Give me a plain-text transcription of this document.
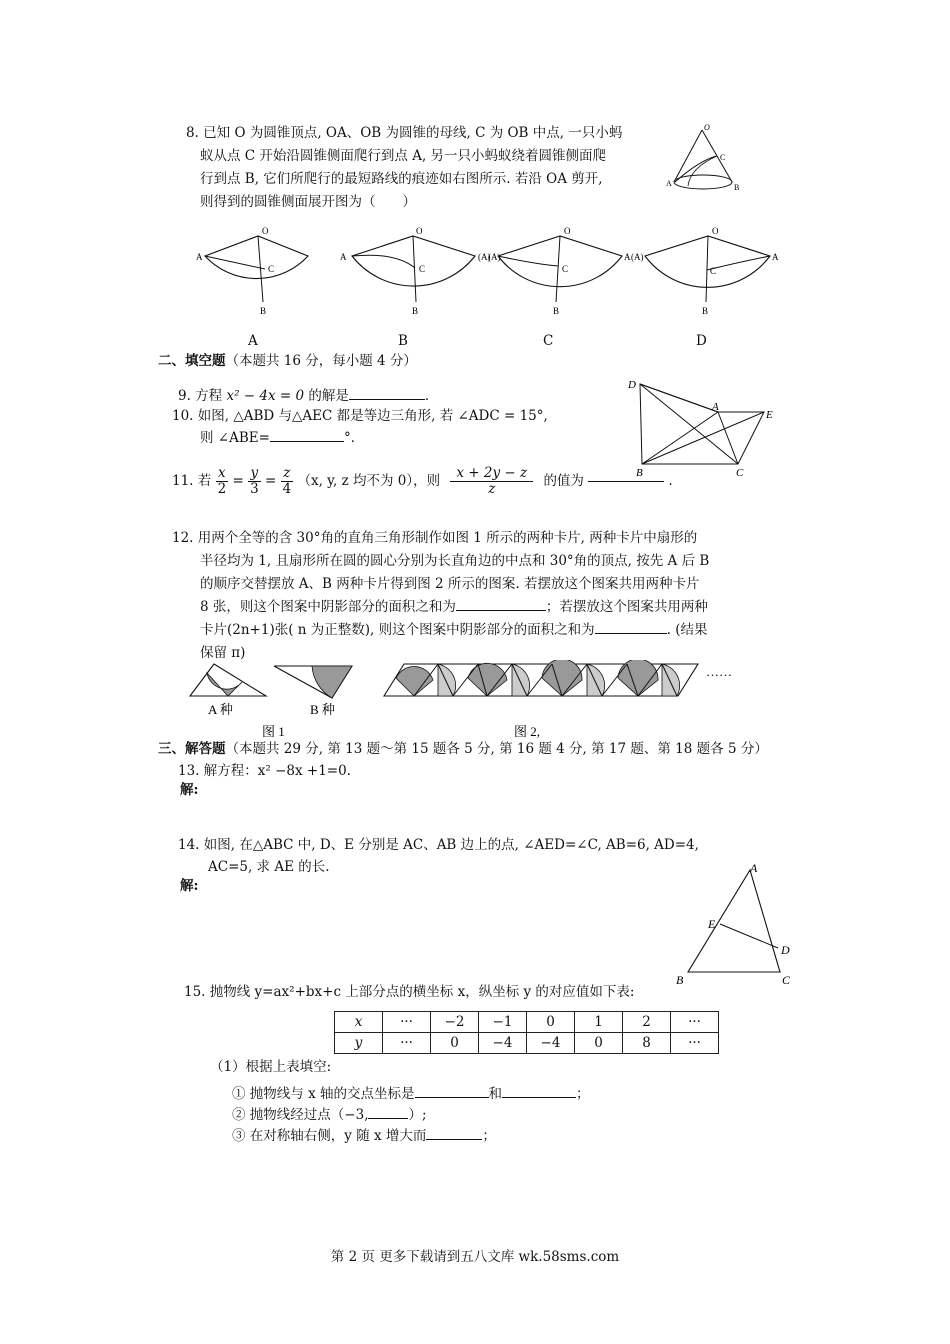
8. 已知 O 为圆锥顶点, OA、OB 为圆锥的母线, C 为 OB 中点, 一只小蚂
蚁从点 C 开始沿圆锥侧面爬行到点 A, 另一只小蚂蚁绕着圆锥侧面爬
行到点 B, 它们所爬行的最短路线的痕迹如右图所示. 若沿 OA 剪开,
则得到的圆锥侧面展开图为（　　）
O
A	B
C
A
O
C
B
A
O
C
(A)
B
(A)
O
C
A
B
(A)
O
C
A
B
A	B	C	D
二、填空题（本题共 16 分，每小题 4 分）
9. 方程 x² − 4x = 0 的解是	．
10. 如图, △ABD 与△AEC 都是等边三角形, 若 ∠ADC = 15°,
则 ∠ABE=	°．
D
A
E
B	C
11. 若 $\frac{x}{2} = \frac{y}{3} = \frac{z}{4} (x$, y, z 均不为 0），则 $\frac{x + 2y - z}{z}$ 的值为	．
12. 用两个全等的含 30°角的直角三角形制作如图 1 所示的两种卡片, 两种卡片中扇形的
半径均为 1, 且扇形所在圆的圆心分别为长直角边的中点和 30°角的顶点, 按先 A 后 B
的顺序交替摆放 A、B 两种卡片得到图 2 所示的图案. 若摆放这个图案共用两种卡片
8 张，则这个图案中阴影部分的面积之和为	；若摆放这个图案共用两种
卡片(2n+1)张( n 为正整数), 则这个图案中阴影部分的面积之和为	. (结果
保留 π)
……
A 种	B 种
图 1	图 2,
三、解答题（本题共 29 分, 第 13 题～第 15 题各 5 分, 第 16 题 4 分, 第 17 题、第 18 题各 5 分）
13. 解方程：x² −8x +1=0.
解:
14. 如图, 在△ABC 中, D、E 分别是 AC、AB 边上的点, ∠AED=∠C, AB=6, AD=4,
AC=5, 求 AE 的长.
解:
A
E
D
B	C
15. 抛物线 y=ax²+bx+c 上部分点的横坐标 x，纵坐标 y 的对应值如下表:
x	···	−2	−1	0	1	2	···
y	···	0	−4	−4	0	8	···
（1）根据上表填空:
① 抛物线与 x 轴的交点坐标是	和	；
② 抛物线经过点（−3,	）;
③ 在对称轴右侧，y 随 x 增大而	；
第 2 页 更多下载请到五八文库 wk.58sms.com
